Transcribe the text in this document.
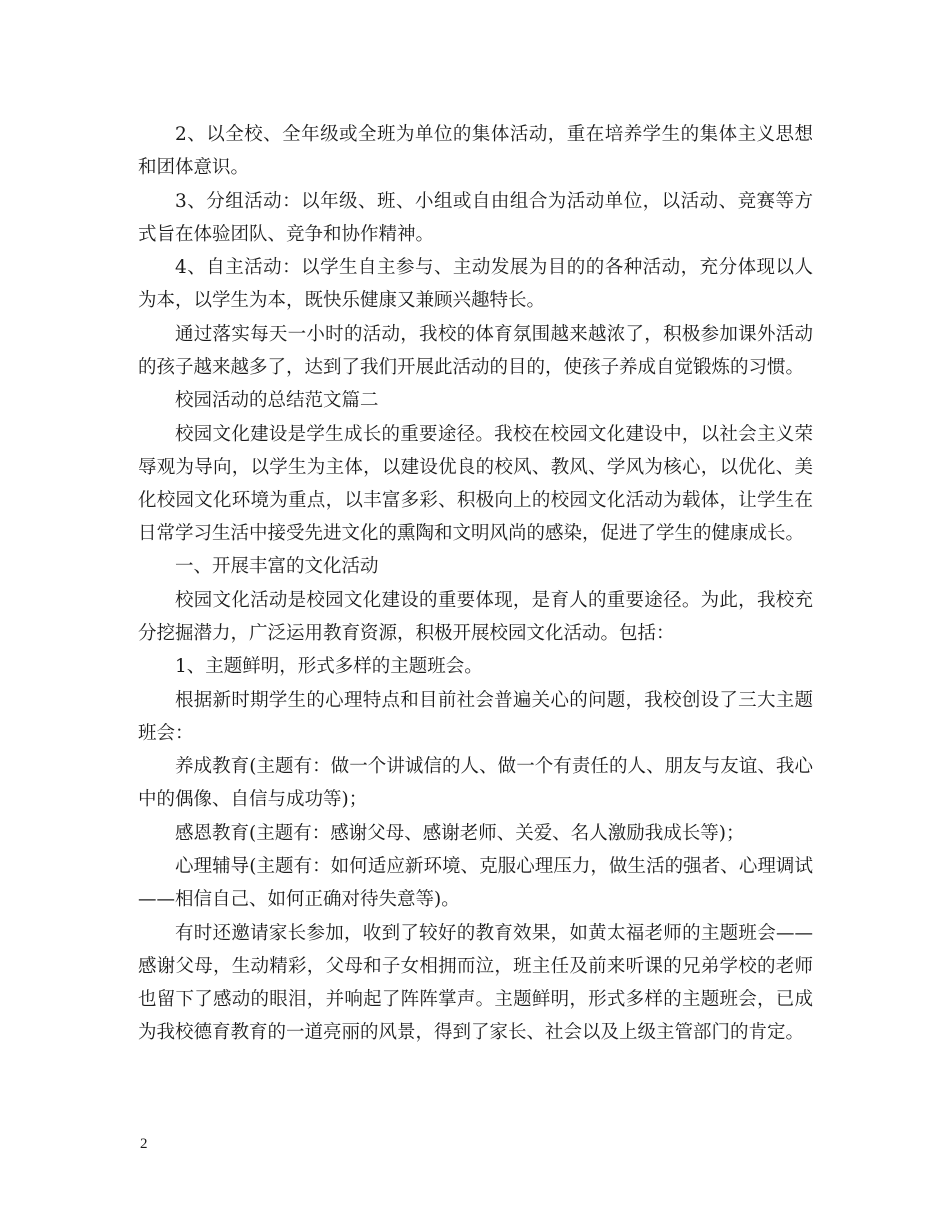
2、以全校、全年级或全班为单位的集体活动，重在培养学生的集体主义思想和团体意识。

3、分组活动：以年级、班、小组或自由组合为活动单位，以活动、竞赛等方式旨在体验团队、竞争和协作精神。

4、自主活动：以学生自主参与、主动发展为目的的各种活动，充分体现以人为本，以学生为本，既快乐健康又兼顾兴趣特长。

通过落实每天一小时的活动，我校的体育氛围越来越浓了，积极参加课外活动的孩子越来越多了，达到了我们开展此活动的目的，使孩子养成自觉锻炼的习惯。

校园活动的总结范文篇二

校园文化建设是学生成长的重要途径。我校在校园文化建设中，以社会主义荣辱观为导向，以学生为主体，以建设优良的校风、教风、学风为核心，以优化、美化校园文化环境为重点，以丰富多彩、积极向上的校园文化活动为载体，让学生在日常学习生活中接受先进文化的熏陶和文明风尚的感染，促进了学生的健康成长。

一、开展丰富的文化活动

校园文化活动是校园文化建设的重要体现，是育人的重要途径。为此，我校充分挖掘潜力，广泛运用教育资源，积极开展校园文化活动。包括：

1、主题鲜明，形式多样的主题班会。

根据新时期学生的心理特点和目前社会普遍关心的问题，我校创设了三大主题班会：

养成教育(主题有：做一个讲诚信的人、做一个有责任的人、朋友与友谊、我心中的偶像、自信与成功等)；

感恩教育(主题有：感谢父母、感谢老师、关爱、名人激励我成长等)；

心理辅导(主题有：如何适应新环境、克服心理压力，做生活的强者、心理调试——相信自己、如何正确对待失意等)。

有时还邀请家长参加，收到了较好的教育效果，如黄太福老师的主题班会——感谢父母，生动精彩，父母和子女相拥而泣，班主任及前来听课的兄弟学校的老师也留下了感动的眼泪，并响起了阵阵掌声。主题鲜明，形式多样的主题班会，已成为我校德育教育的一道亮丽的风景，得到了家长、社会以及上级主管部门的肯定。

2
